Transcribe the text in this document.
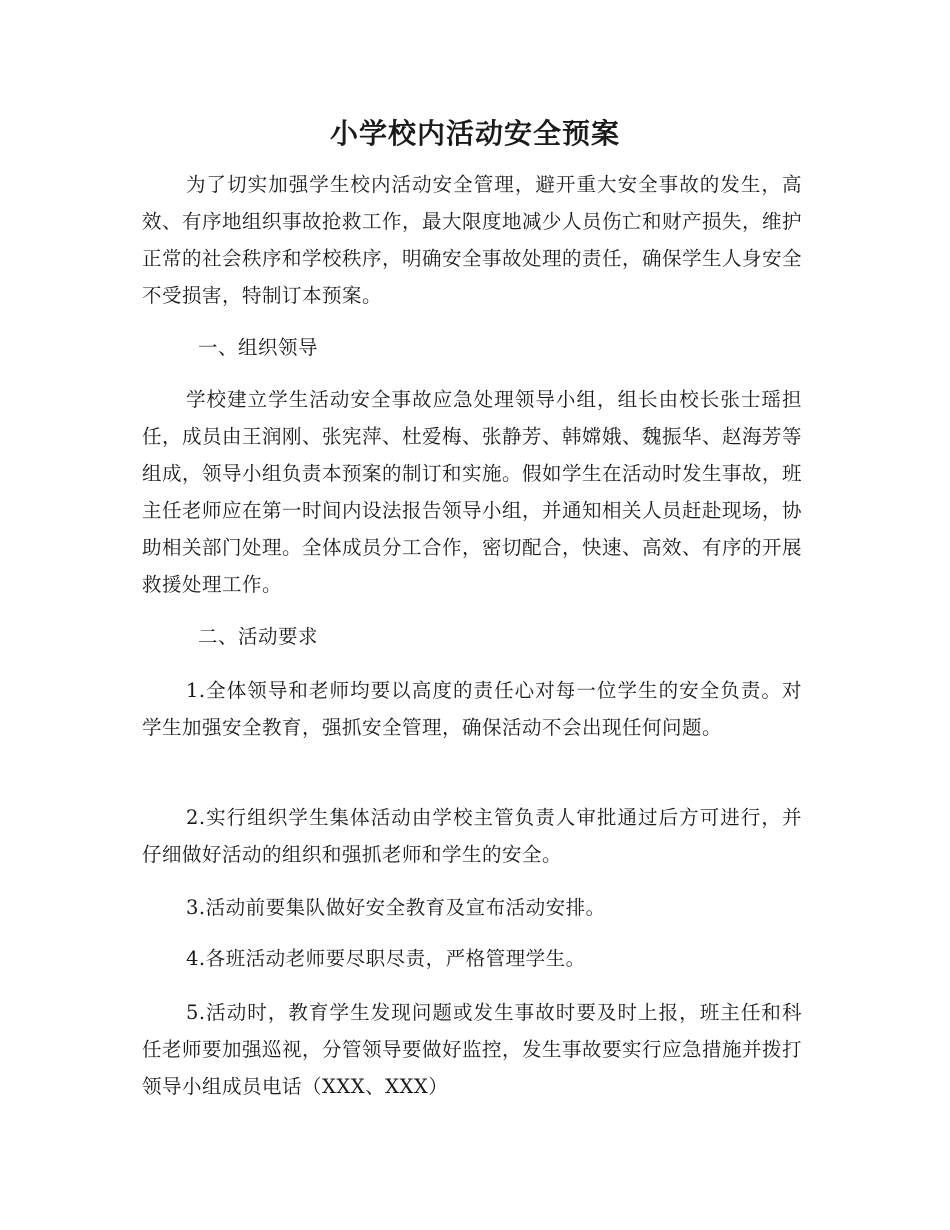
小学校内活动安全预案

为了切实加强学生校内活动安全管理，避开重大安全事故的发生，高效、有序地组织事故抢救工作，最大限度地减少人员伤亡和财产损失，维护正常的社会秩序和学校秩序，明确安全事故处理的责任，确保学生人身安全不受损害，特制订本预案。

一、组织领导

学校建立学生活动安全事故应急处理领导小组，组长由校长张士瑶担任，成员由王润刚、张宪萍、杜爱梅、张静芳、韩嫦娥、魏振华、赵海芳等组成，领导小组负责本预案的制订和实施。假如学生在活动时发生事故，班主任老师应在第一时间内设法报告领导小组，并通知相关人员赶赴现场，协助相关部门处理。全体成员分工合作，密切配合，快速、高效、有序的开展救援处理工作。

二、活动要求

1.全体领导和老师均要以高度的责任心对每一位学生的安全负责。对学生加强安全教育，强抓安全管理，确保活动不会出现任何问题。

2.实行组织学生集体活动由学校主管负责人审批通过后方可进行，并仔细做好活动的组织和强抓老师和学生的安全。

3.活动前要集队做好安全教育及宣布活动安排。

4.各班活动老师要尽职尽责，严格管理学生。

5.活动时，教育学生发现问题或发生事故时要及时上报，班主任和科任老师要加强巡视，分管领导要做好监控，发生事故要实行应急措施并拨打领导小组成员电话（XXX、XXX）
